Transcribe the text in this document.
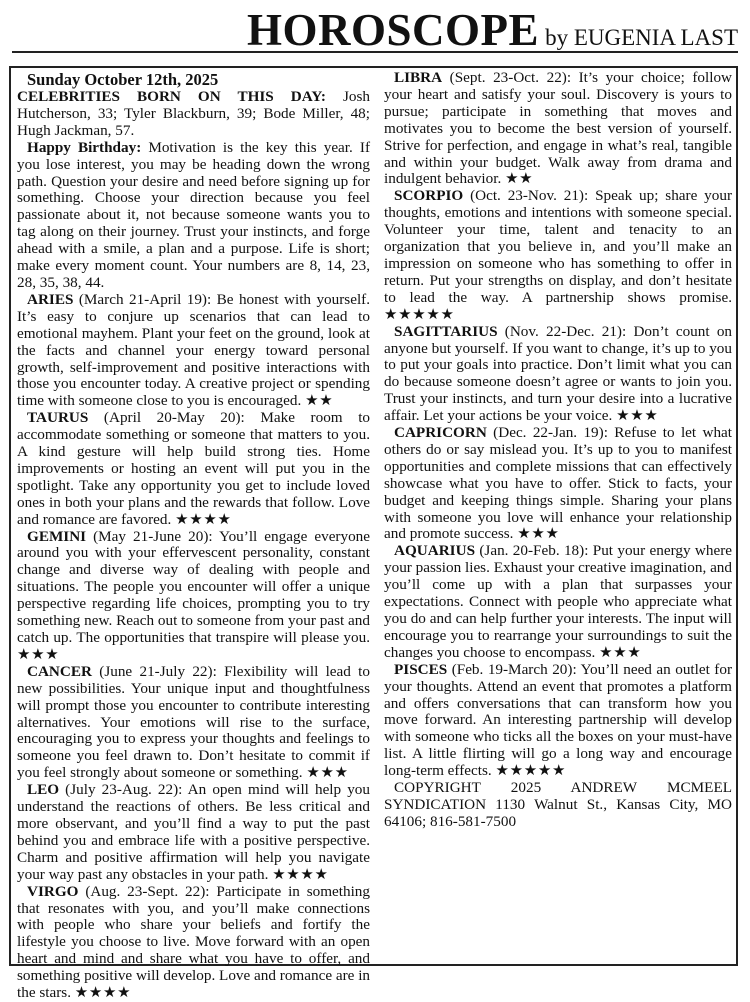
HOROSCOPE by EUGENIA LAST
Sunday October 12th, 2025

CELEBRITIES BORN ON THIS DAY: Josh Hutcherson, 33; Tyler Blackburn, 39; Bode Miller, 48; Hugh Jackman, 57.

Happy Birthday: Motivation is the key this year. If you lose interest, you may be heading down the wrong path. Question your desire and need before signing up for something. Choose your direction because you feel passionate about it, not because someone wants you to tag along on their journey. Trust your instincts, and forge ahead with a smile, a plan and a purpose. Life is short; make every moment count. Your numbers are 8, 14, 23, 28, 35, 38, 44.

ARIES (March 21-April 19): Be honest with yourself. It’s easy to conjure up scenarios that can lead to emotional mayhem. Plant your feet on the ground, look at the facts and channel your energy toward personal growth, self-improvement and positive interactions with those you encounter today. A creative project or spending time with someone close to you is encouraged. ★★

TAURUS (April 20-May 20): Make room to accommodate something or someone that matters to you. A kind gesture will help build strong ties. Home improvements or hosting an event will put you in the spotlight. Take any opportunity you get to include loved ones in both your plans and the rewards that follow. Love and romance are favored. ★★★★

GEMINI (May 21-June 20): You’ll engage everyone around you with your effervescent personality, constant change and diverse way of dealing with people and situations. The people you encounter will offer a unique perspective regarding life choices, prompting you to try something new. Reach out to someone from your past and catch up. The opportunities that transpire will please you. ★★★

CANCER (June 21-July 22): Flexibility will lead to new possibilities. Your unique input and thoughtfulness will prompt those you encounter to contribute interesting alternatives. Your emotions will rise to the surface, encouraging you to express your thoughts and feelings to someone you feel drawn to. Don’t hesitate to commit if you feel strongly about someone or something. ★★★

LEO (July 23-Aug. 22): An open mind will help you understand the reactions of others. Be less critical and more observant, and you’ll find a way to put the past behind you and embrace life with a positive perspective. Charm and positive affirmation will help you navigate your way past any obstacles in your path. ★★★★

VIRGO (Aug. 23-Sept. 22): Participate in something that resonates with you, and you’ll make connections with people who share your beliefs and fortify the lifestyle you choose to live. Move forward with an open heart and mind and share what you have to offer, and something positive will develop. Love and romance are in the stars. ★★★★

LIBRA (Sept. 23-Oct. 22): It’s your choice; follow your heart and satisfy your soul. Discovery is yours to pursue; participate in something that moves and motivates you to become the best version of yourself. Strive for perfection, and engage in what’s real, tangible and within your budget. Walk away from drama and indulgent behavior. ★★

SCORPIO (Oct. 23-Nov. 21): Speak up; share your thoughts, emotions and intentions with someone special. Volunteer your time, talent and tenacity to an organization that you believe in, and you’ll make an impression on someone who has something to offer in return. Put your strengths on display, and don’t hesitate to lead the way. A partnership shows promise. ★★★★★

SAGITTARIUS (Nov. 22-Dec. 21): Don’t count on anyone but yourself. If you want to change, it’s up to you to put your goals into practice. Don’t limit what you can do because someone doesn’t agree or wants to join you. Trust your instincts, and turn your desire into a lucrative affair. Let your actions be your voice. ★★★

CAPRICORN (Dec. 22-Jan. 19): Refuse to let what others do or say mislead you. It’s up to you to manifest opportunities and complete missions that can effectively showcase what you have to offer. Stick to facts, your budget and keeping things simple. Sharing your plans with someone you love will enhance your relationship and promote success. ★★★

AQUARIUS (Jan. 20-Feb. 18): Put your energy where your passion lies. Exhaust your creative imagination, and you’ll come up with a plan that surpasses your expectations. Connect with people who appreciate what you do and can help further your interests. The input will encourage you to rearrange your surroundings to suit the changes you choose to encompass. ★★★

PISCES (Feb. 19-March 20): You’ll need an outlet for your thoughts. Attend an event that promotes a platform and offers conversations that can transform how you move forward. An interesting partnership will develop with someone who ticks all the boxes on your must-have list. A little flirting will go a long way and encourage long-term effects. ★★★★★

COPYRIGHT 2025 ANDREW MCMEEL SYNDICATION 1130 Walnut St., Kansas City, MO 64106; 816-581-7500
